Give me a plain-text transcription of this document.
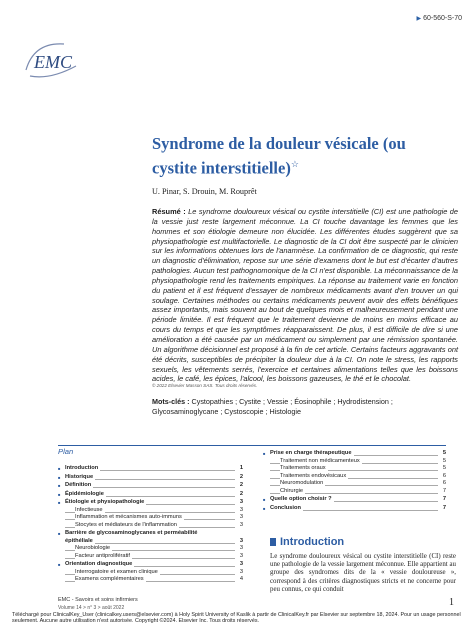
▶ 60-560-S-70
EMC
Syndrome de la douleur vésicale (ou cystite interstitielle)☆
U. Pinar, S. Drouin, M. Rouprêt
Résumé : Le syndrome douloureux vésical ou cystite interstitielle (CI) est une pathologie de la vessie just reste largement méconnue. La CI touche davantage les femmes que les hommes et son étiologie demeure non élucidée. Les différentes études suggèrent que sa physiopathologie est multifactorielle. Le diagnostic de la CI doit être suspecté par le clinicien sur les informations obtenues lors de l'anamnèse. La confirmation de ce diagnostic, qui reste un diagnostic d'élimination, repose sur une série d'examens dont le but est d'écarter d'autres pathologies. Aucun test pathognomonique de la CI n'est disponible. La méconnaissance de la physiopathologie rend les traitements empiriques. La réponse au traitement varie en fonction du patient et il est fréquent d'essayer de nombreux médicaments avant d'en trouver un qui soulage. Certaines méthodes ou certains médicaments peuvent avoir des effets bénéfiques assez importants, mais souvent au bout de quelques mois et malheureusement pendant une période limitée. Il est fréquent que le traitement devienne de moins en moins efficace au cours du temps et que les symptômes réapparaissent. De plus, il est difficile de dire si une amélioration a été causée par un médicament ou simplement par une rémission spontanée. Un algorithme décisionnel est proposé à la fin de cet article. Certains facteurs aggravants ont été décrits, susceptibles de précipiter la douleur due à la CI. On note le stress, les rapports sexuels, les vêtements serrés, l'exercice et certaines alimentations telles que les boissons acides, le café, les épices, l'alcool, les boissons gazeuses, le thé et le chocolat.
© 2022 Elsevier Masson SAS. Tous droits réservés.
Mots-clés : Cystopathies ; Cystite ; Vessie ; Éosinophile ; Hydrodistension ; Glycosaminoglycane ; Cystoscopie ; Histologie
Plan
■ Introduction	1
■ Historique	2
■ Définition	2
■ Épidémiologie	2
■ Étiologie et physiopathologie	3
Infectieuse	3
Inflammation et mécanismes auto-immuns	3
Stocytes et médiateurs de l'inflammation	3
■ Barrière de glycosaminoglycanes et perméabilité
épithéliale	3
Neurobiologie	3
Facteur antiprolifératif	3
■ Orientation diagnostique	3
Interrogatoire et examen clinique	3
Examens complémentaires	4
■ Prise en charge thérapeutique	5
Traitement non médicamenteux	5
Traitements oraux	5
Traitements endovésicaux	6
Neuromodulation	6
Chirurgie	7
■ Quelle option choisir ?	7
■ Conclusion	7
Introduction
Le syndrome douloureux vésical ou cystite interstitielle (CI) reste une pathologie de la vessie largement méconnue. Elle appartient au groupe des syndromes dits de la « vessie douloureuse », correspond à des critères diagnostiques stricts et ne concerne pour peu connus, ce qui conduit
EMC - Savoirs et soins infirmiers
Volume 14 > n° 3 > août 2022	1
Téléchargé pour ClinicalKey_User (clinicalkey.users@elsevier.com) à Holy Spirit University of Kaslik à partir de ClinicalKey.fr par Elsevier sur septembre 18, 2024. Pour un usage personnel seulement. Aucune autre utilisation n'est autorisée. Copyright ©2024. Elsevier Inc. Tous droits réservés.
